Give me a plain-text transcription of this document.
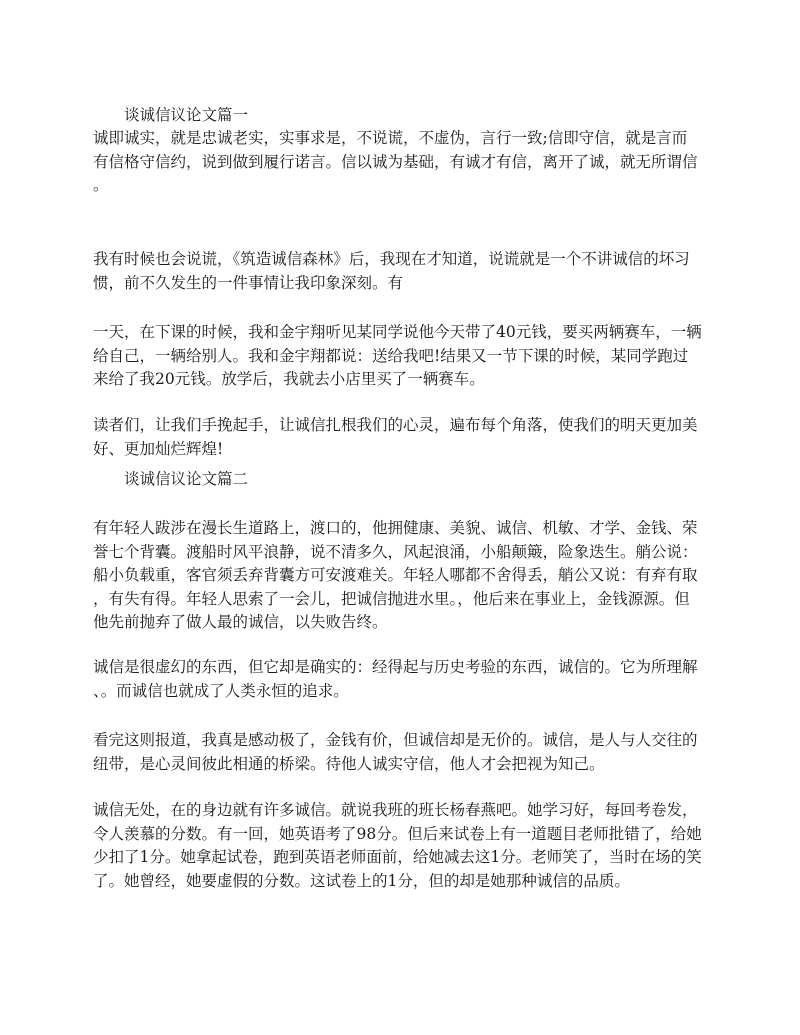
谈诚信议论文篇一
诚即诚实，就是忠诚老实，实事求是，不说谎，不虚伪，言行一致;信即守信，就是言而
有信格守信约，说到做到履行诺言。信以诚为基础，有诚才有信，离开了诚，就无所谓信
。
我有时候也会说谎，《筑造诚信森林》后，我现在才知道，说谎就是一个不讲诚信的坏习
惯，前不久发生的一件事情让我印象深刻。有
一天，在下课的时候，我和金宇翔听见某同学说他今天带了40元钱，要买两辆赛车，一辆
给自己，一辆给别人。我和金宇翔都说：送给我吧!结果又一节下课的时候，某同学跑过
来给了我20元钱。放学后，我就去小店里买了一辆赛车。
读者们，让我们手挽起手，让诚信扎根我们的心灵，遍布每个角落，使我们的明天更加美
好、更加灿烂辉煌!
谈诚信议论文篇二
有年轻人跋涉在漫长生道路上，渡口的，他拥健康、美貌、诚信、机敏、才学、金钱、荣
誉七个背囊。渡船时风平浪静，说不清多久，风起浪涌，小船颠簸，险象迭生。艄公说：
船小负载重，客官须丢弃背囊方可安渡难关。年轻人哪都不舍得丢，艄公又说：有弃有取
，有失有得。年轻人思索了一会儿，把诚信抛进水里。，他后来在事业上，金钱源源。但
他先前抛弃了做人最的诚信，以失败告终。
诚信是很虚幻的东西，但它却是确实的：经得起与历史考验的东西，诚信的。它为所理解
、。而诚信也就成了人类永恒的追求。
看完这则报道，我真是感动极了，金钱有价，但诚信却是无价的。诚信，是人与人交往的
纽带，是心灵间彼此相通的桥梁。待他人诚实守信，他人才会把视为知己。
诚信无处，在的身边就有许多诚信。就说我班的班长杨春燕吧。她学习好，每回考卷发，
令人羡慕的分数。有一回，她英语考了98分。但后来试卷上有一道题目老师批错了，给她
少扣了1分。她拿起试卷，跑到英语老师面前，给她减去这1分。老师笑了，当时在场的笑
了。她曾经，她要虚假的分数。这试卷上的1分，但的却是她那种诚信的品质。
